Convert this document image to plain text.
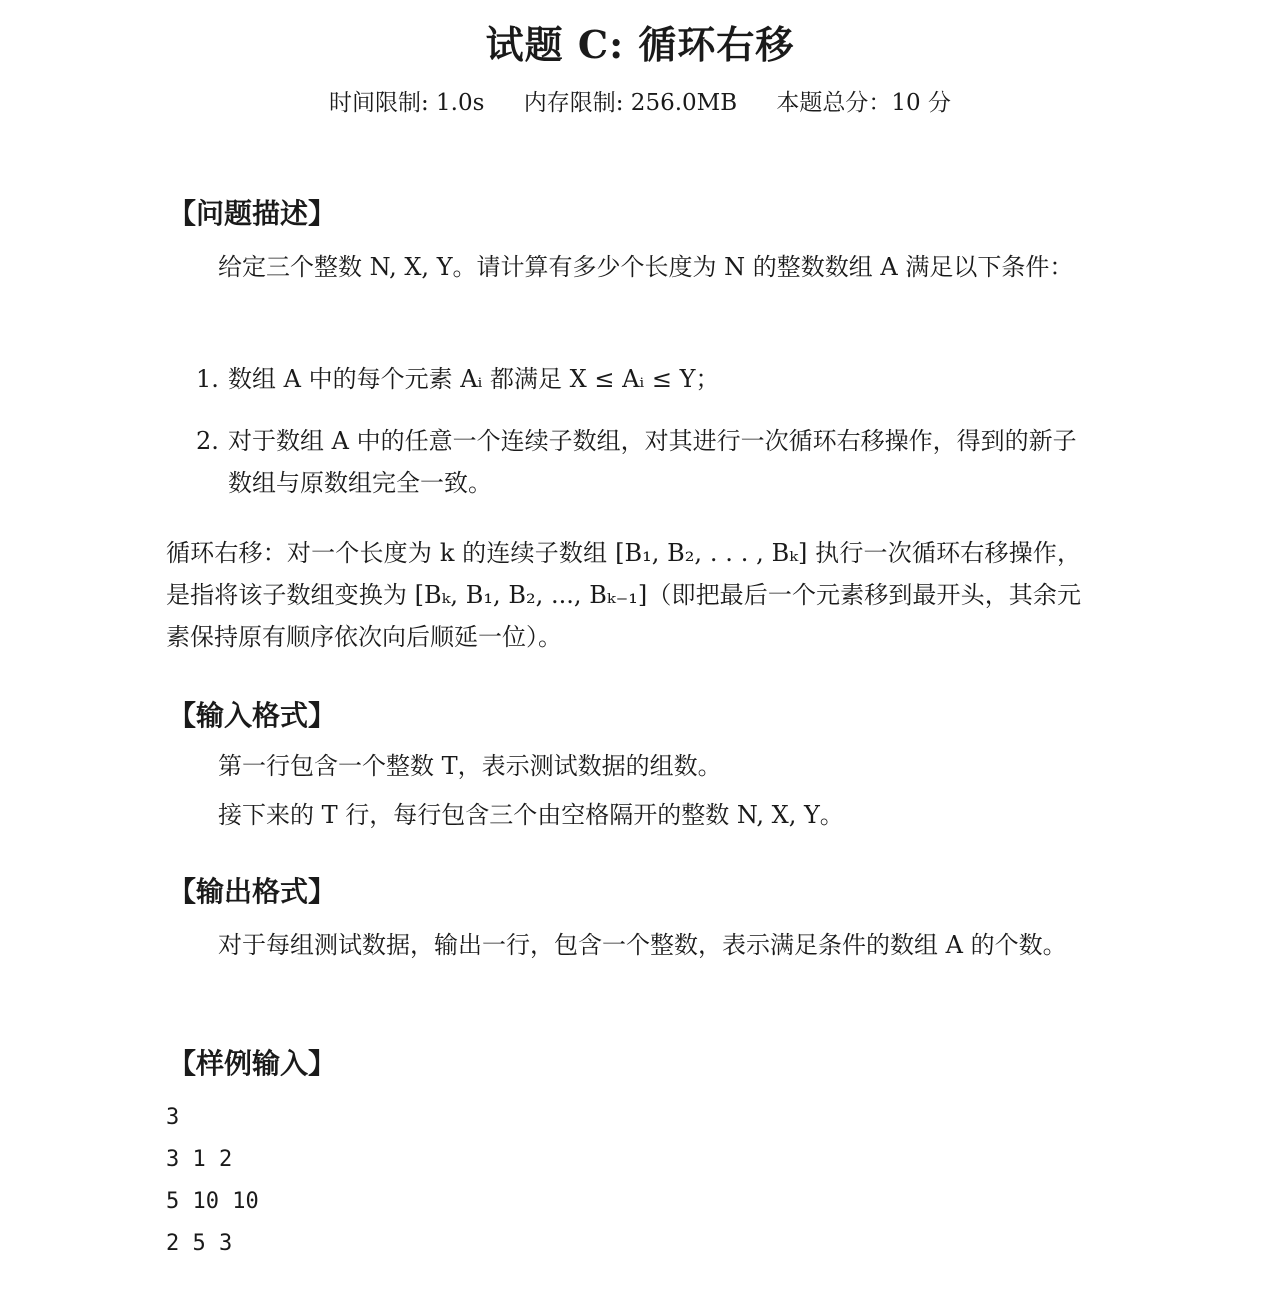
试题 C: 循环右移
时间限制: 1.0s 内存限制: 256.0MB 本题总分：10 分
【问题描述】
给定三个整数 N, X, Y。请计算有多少个长度为 N 的整数数组 A 满足以下条件：
1. 数组 A 中的每个元素 Aᵢ 都满足 X ≤ Aᵢ ≤ Y；
2. 对于数组 A 中的任意一个连续子数组，对其进行一次循环右移操作，得到的新子数组与原数组完全一致。
循环右移：对一个长度为 k 的连续子数组 [B₁, B₂, . . . , Bₖ] 执行一次循环右移操作，是指将该子数组变换为 [Bₖ, B₁, B₂, ..., Bₖ₋₁]（即把最后一个元素移到最开头，其余元素保持原有顺序依次向后顺延一位）。
【输入格式】
第一行包含一个整数 T，表示测试数据的组数。
接下来的 T 行，每行包含三个由空格隔开的整数 N, X, Y。
【输出格式】
对于每组测试数据，输出一行，包含一个整数，表示满足条件的数组 A 的个数。
【样例输入】
3
3 1 2
5 10 10
2 5 3
